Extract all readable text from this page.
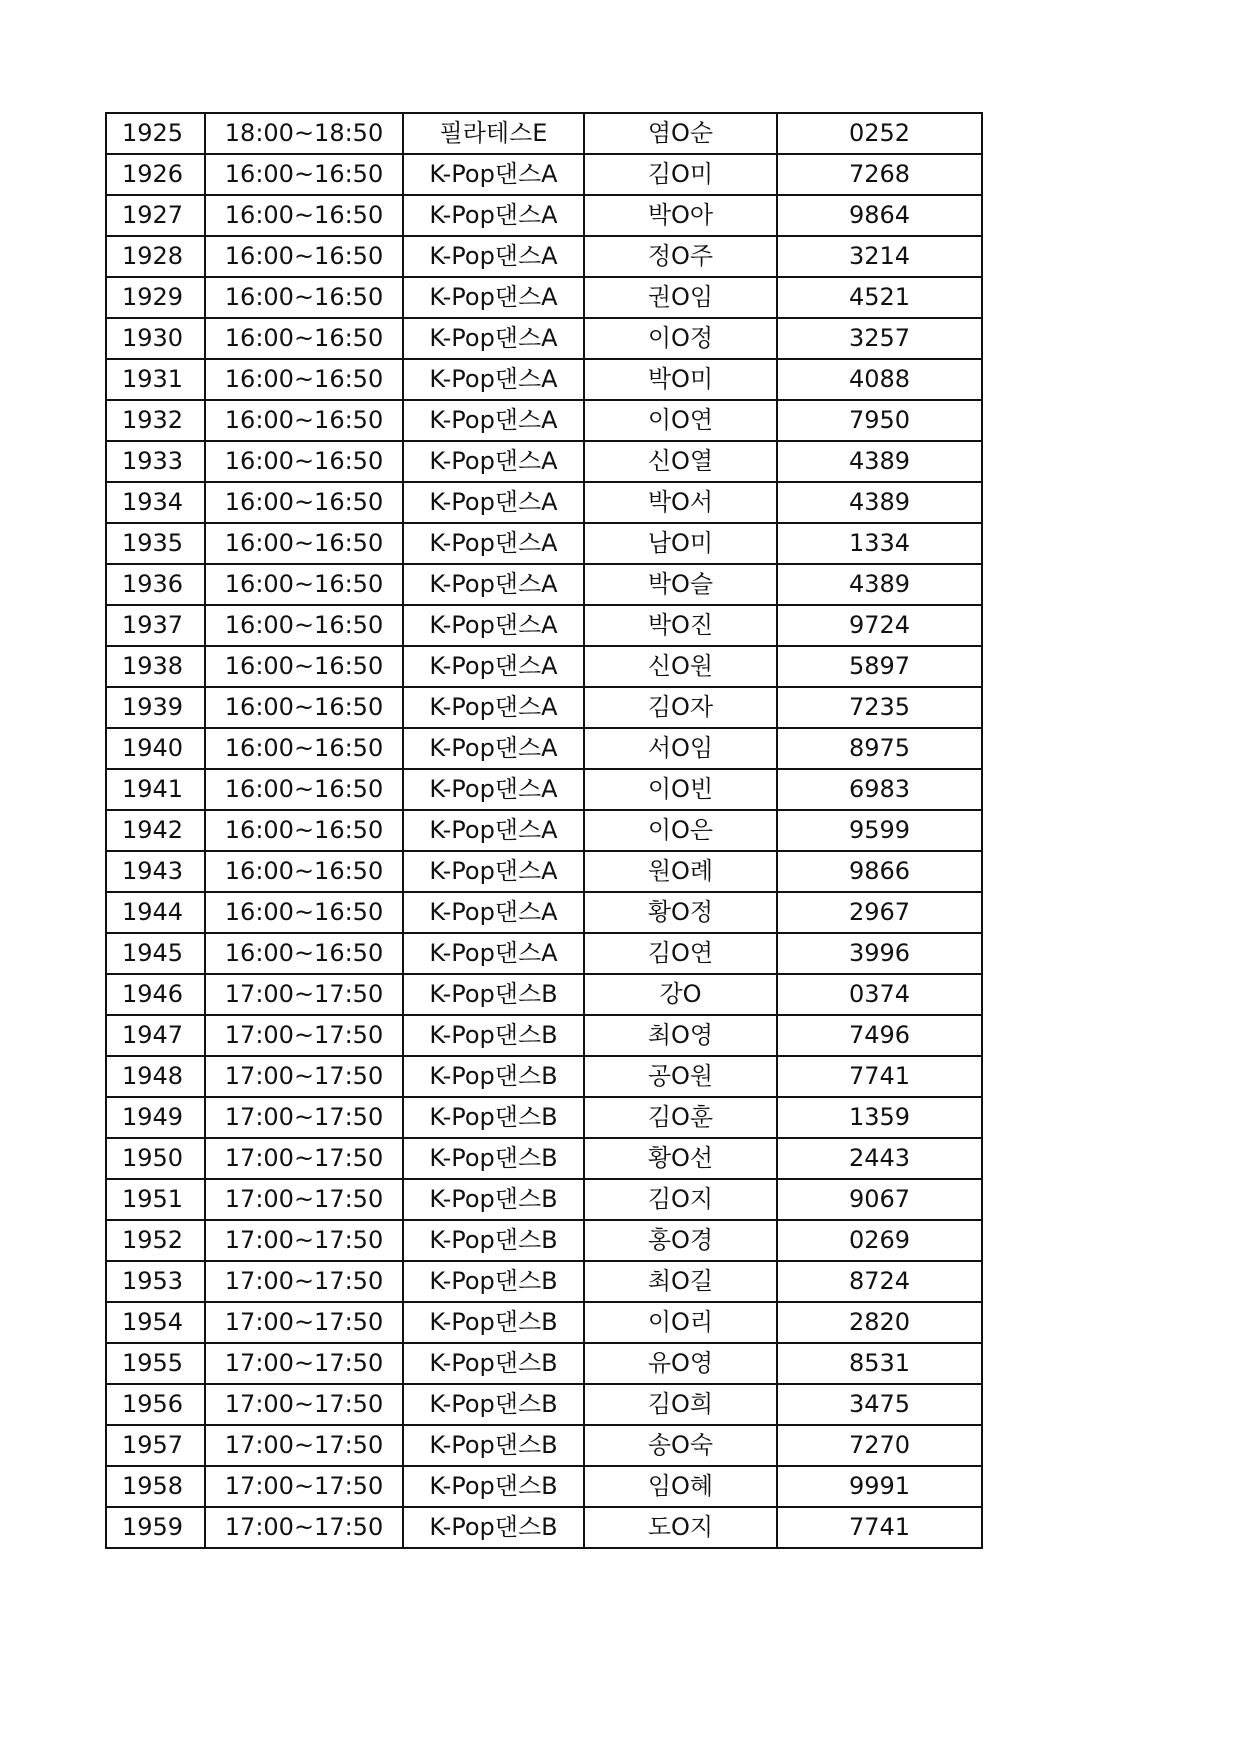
1925	18:00~18:50	필라테스E	염O순	0252
1926	16:00~16:50	K-Pop댄스A	김O미	7268
1927	16:00~16:50	K-Pop댄스A	박O아	9864
1928	16:00~16:50	K-Pop댄스A	정O주	3214
1929	16:00~16:50	K-Pop댄스A	권O임	4521
1930	16:00~16:50	K-Pop댄스A	이O정	3257
1931	16:00~16:50	K-Pop댄스A	박O미	4088
1932	16:00~16:50	K-Pop댄스A	이O연	7950
1933	16:00~16:50	K-Pop댄스A	신O열	4389
1934	16:00~16:50	K-Pop댄스A	박O서	4389
1935	16:00~16:50	K-Pop댄스A	남O미	1334
1936	16:00~16:50	K-Pop댄스A	박O슬	4389
1937	16:00~16:50	K-Pop댄스A	박O진	9724
1938	16:00~16:50	K-Pop댄스A	신O원	5897
1939	16:00~16:50	K-Pop댄스A	김O자	7235
1940	16:00~16:50	K-Pop댄스A	서O임	8975
1941	16:00~16:50	K-Pop댄스A	이O빈	6983
1942	16:00~16:50	K-Pop댄스A	이O은	9599
1943	16:00~16:50	K-Pop댄스A	원O례	9866
1944	16:00~16:50	K-Pop댄스A	황O정	2967
1945	16:00~16:50	K-Pop댄스A	김O연	3996
1946	17:00~17:50	K-Pop댄스B	강O	0374
1947	17:00~17:50	K-Pop댄스B	최O영	7496
1948	17:00~17:50	K-Pop댄스B	공O원	7741
1949	17:00~17:50	K-Pop댄스B	김O훈	1359
1950	17:00~17:50	K-Pop댄스B	황O선	2443
1951	17:00~17:50	K-Pop댄스B	김O지	9067
1952	17:00~17:50	K-Pop댄스B	홍O경	0269
1953	17:00~17:50	K-Pop댄스B	최O길	8724
1954	17:00~17:50	K-Pop댄스B	이O리	2820
1955	17:00~17:50	K-Pop댄스B	유O영	8531
1956	17:00~17:50	K-Pop댄스B	김O희	3475
1957	17:00~17:50	K-Pop댄스B	송O숙	7270
1958	17:00~17:50	K-Pop댄스B	임O혜	9991
1959	17:00~17:50	K-Pop댄스B	도O지	7741
